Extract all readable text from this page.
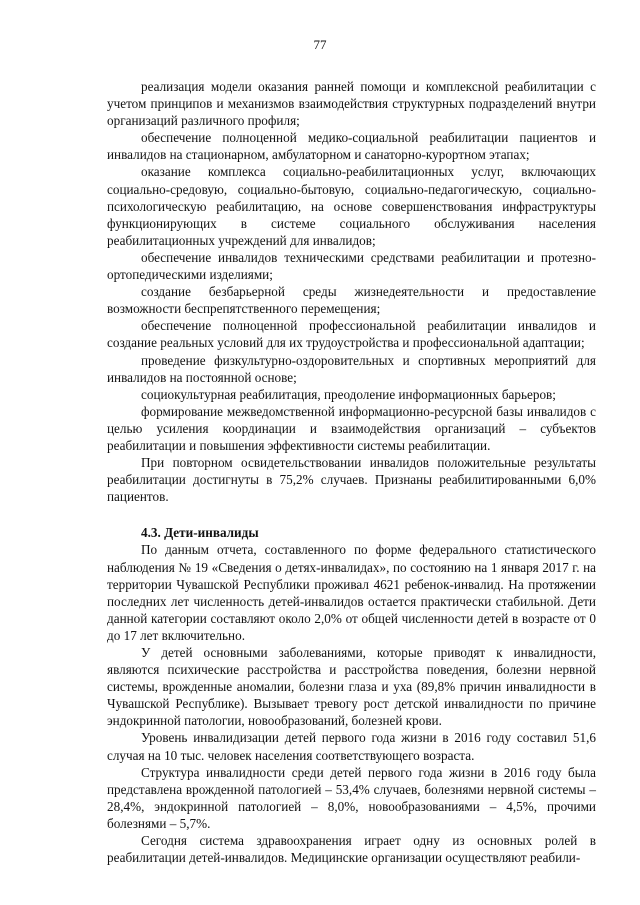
77

реализация модели оказания ранней помощи и комплексной реабилитации с учетом принципов и механизмов взаимодействия структурных подразделений внутри организаций различного профиля;

обеспечение полноценной медико-социальной реабилитации пациентов и инвалидов на стационарном, амбулаторном и санаторно-курортном этапах;

оказание комплекса социально-реабилитационных услуг, включающих социально-средовую, социально-бытовую, социально-педагогическую, социально-психологическую реабилитацию, на основе совершенствования инфраструктуры функционирующих в системе социального обслуживания населения реабилитационных учреждений для инвалидов;

обеспечение инвалидов техническими средствами реабилитации и протезно-ортопедическими изделиями;

создание безбарьерной среды жизнедеятельности и предоставление возможности беспрепятственного перемещения;

обеспечение полноценной профессиональной реабилитации инвалидов и создание реальных условий для их трудоустройства и профессиональной адаптации;

проведение физкультурно-оздоровительных и спортивных мероприятий для инвалидов на постоянной основе;

социокультурная реабилитация, преодоление информационных барьеров;

формирование межведомственной информационно-ресурсной базы инвалидов с целью усиления координации и взаимодействия организаций – субъектов реабилитации и повышения эффективности системы реабилитации.

При повторном освидетельствовании инвалидов положительные результаты реабилитации достигнуты в 75,2% случаев. Признаны реабилитированными 6,0% пациентов.

4.3. Дети-инвалиды

По данным отчета, составленного по форме федерального статистического наблюдения № 19 «Сведения о детях-инвалидах», по состоянию на 1 января 2017 г. на территории Чувашской Республики проживал 4621 ребенок-инвалид. На протяжении последних лет численность детей-инвалидов остается практически стабильной. Дети данной категории составляют около 2,0% от общей численности детей в возрасте от 0 до 17 лет включительно.

У детей основными заболеваниями, которые приводят к инвалидности, являются психические расстройства и расстройства поведения, болезни нервной системы, врожденные аномалии, болезни глаза и уха (89,8% причин инвалидности в Чувашской Республике). Вызывает тревогу рост детской инвалидности по причине эндокринной патологии, новообразований, болезней крови.

Уровень инвалидизации детей первого года жизни в 2016 году составил 51,6 случая на 10 тыс. человек населения соответствующего возраста.

Структура инвалидности среди детей первого года жизни в 2016 году была представлена врожденной патологией – 53,4% случаев, болезнями нервной системы – 28,4%, эндокринной патологией – 8,0%, новообразованиями – 4,5%, прочими болезнями – 5,7%.

Сегодня система здравоохранения играет одну из основных ролей в реабилитации детей-инвалидов. Медицинские организации осуществляют реабили-
